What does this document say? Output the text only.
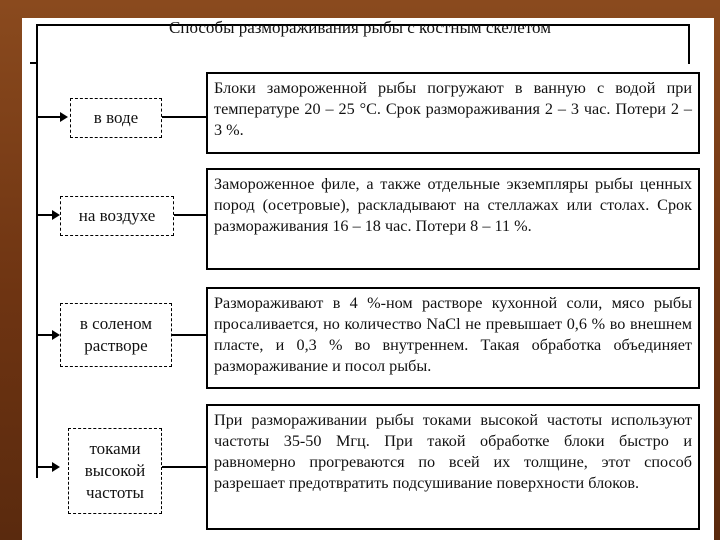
Способы размораживания рыбы с костным скелетом
в воде
Блоки замороженной рыбы погружают в ванную с водой при температуре 20 – 25 °С. Срок размораживания 2 – 3 час. Потери 2 – 3 %.
на воздухе
Замороженное филе, а также отдельные экземпляры рыбы ценных пород (осетровые), раскладывают на стеллажах или столах. Срок размораживания 16 – 18 час. Потери 8 – 11 %.
в соленом растворе
Размораживают в 4 %-ном растворе кухонной соли, мясо рыбы просаливается, но количество NaCl не превышает 0,6 % во внешнем пласте, и 0,3 % во внутреннем. Такая обработка объединяет размораживание и посол рыбы.
токами высокой частоты
При размораживании рыбы токами высокой частоты используют частоты 35-50 Мгц. При такой обработке блоки быстро и равномерно прогреваются по всей их толщине, этот способ разрешает предотвратить подсушивание поверхности блоков.
